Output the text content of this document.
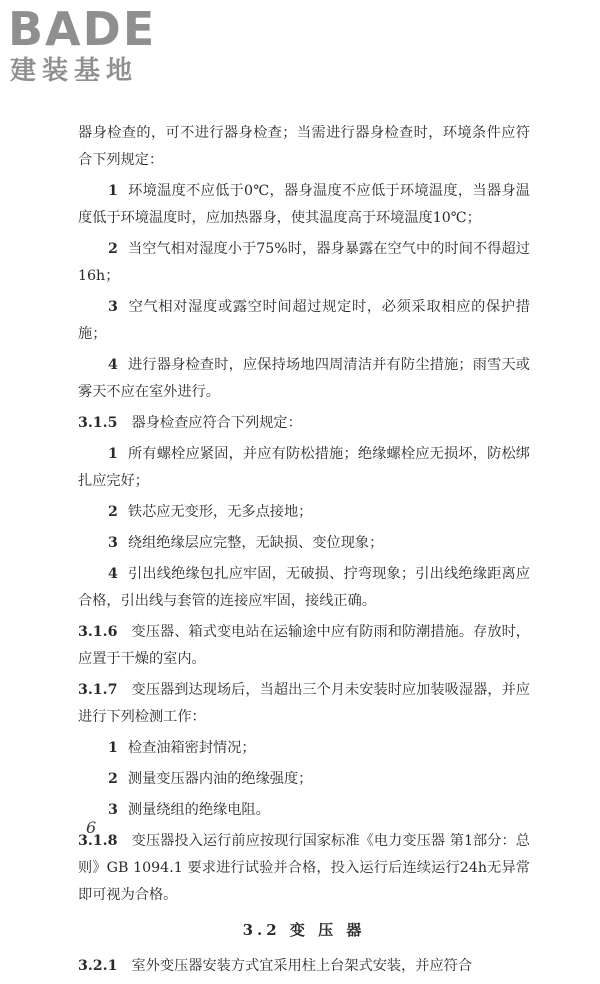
BADE
建装基地

器身检查的，可不进行器身检查；当需进行器身检查时，环境条件应符合下列规定：

1 环境温度不应低于0℃，器身温度不应低于环境温度，当器身温度低于环境温度时，应加热器身，使其温度高于环境温度10℃；

2 当空气相对湿度小于75%时，器身暴露在空气中的时间不得超过16h；

3 空气相对湿度或露空时间超过规定时，必须采取相应的保护措施；

4 进行器身检查时，应保持场地四周清洁并有防尘措施；雨雪天或雾天不应在室外进行。

3.1.5 器身检查应符合下列规定：

1 所有螺栓应紧固，并应有防松措施；绝缘螺栓应无损坏，防松绑扎应完好；

2 铁芯应无变形，无多点接地；

3 绕组绝缘层应完整，无缺损、变位现象；

4 引出线绝缘包扎应牢固，无破损、拧弯现象；引出线绝缘距离应合格，引出线与套管的连接应牢固，接线正确。

3.1.6 变压器、箱式变电站在运输途中应有防雨和防潮措施。存放时，应置于干燥的室内。

3.1.7 变压器到达现场后，当超出三个月未安装时应加装吸湿器，并应进行下列检测工作：

1 检查油箱密封情况；

2 测量变压器内油的绝缘强度；

3 测量绕组的绝缘电阻。

3.1.8 变压器投入运行前应按现行国家标准《电力变压器 第1部分：总则》GB 1094.1 要求进行试验并合格，投入运行后连续运行24h无异常即可视为合格。

3.2 变 压 器

3.2.1 室外变压器安装方式宜采用柱上台架式安装，并应符合

6
